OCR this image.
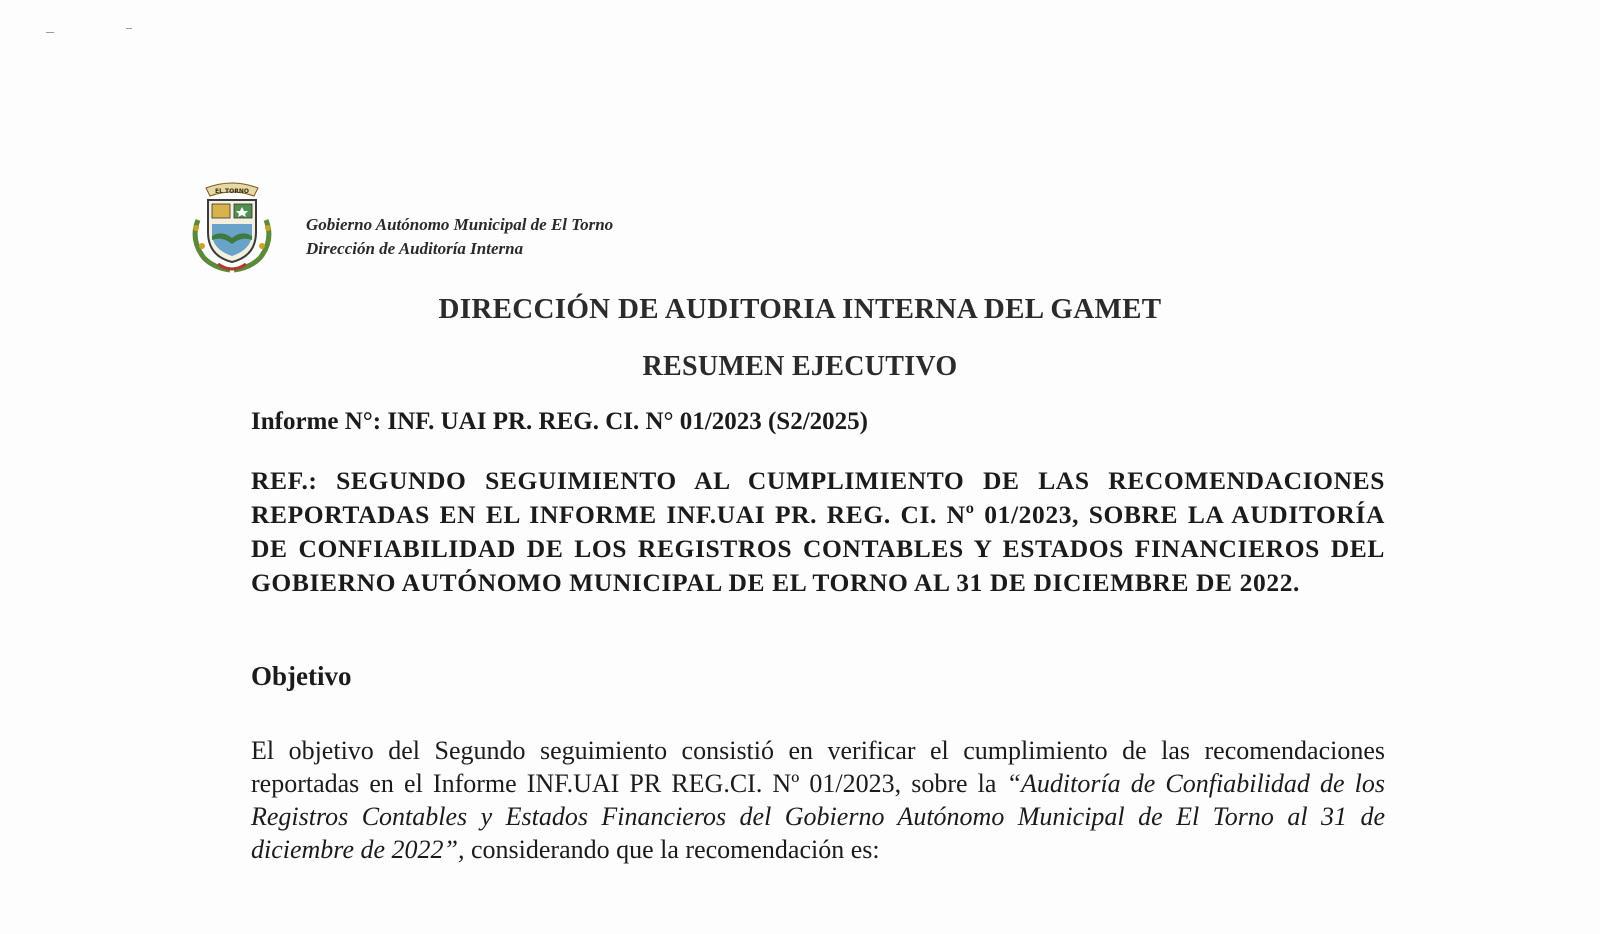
EL TORNO
Gobierno Autónomo Municipal de El Torno
Dirección de Auditoría Interna
DIRECCIÓN DE AUDITORIA INTERNA DEL GAMET
RESUMEN EJECUTIVO
Informe N°: INF. UAI PR. REG. CI. N° 01/2023 (S2/2025)
REF.: SEGUNDO SEGUIMIENTO AL CUMPLIMIENTO DE LAS RECOMENDACIONES REPORTADAS EN EL INFORME INF.UAI PR. REG. CI. Nº 01/2023, SOBRE LA AUDITORÍA DE CONFIABILIDAD DE LOS REGISTROS CONTABLES Y ESTADOS FINANCIEROS DEL GOBIERNO AUTÓNOMO MUNICIPAL DE EL TORNO AL 31 DE DICIEMBRE DE 2022.
Objetivo
El objetivo del Segundo seguimiento consistió en verificar el cumplimiento de las recomendaciones reportadas en el Informe INF.UAI PR REG.CI. Nº 01/2023, sobre la “Auditoría de Confiabilidad de los Registros Contables y Estados Financieros del Gobierno Autónomo Municipal de El Torno al 31 de diciembre de 2022”, considerando que la recomendación es:
